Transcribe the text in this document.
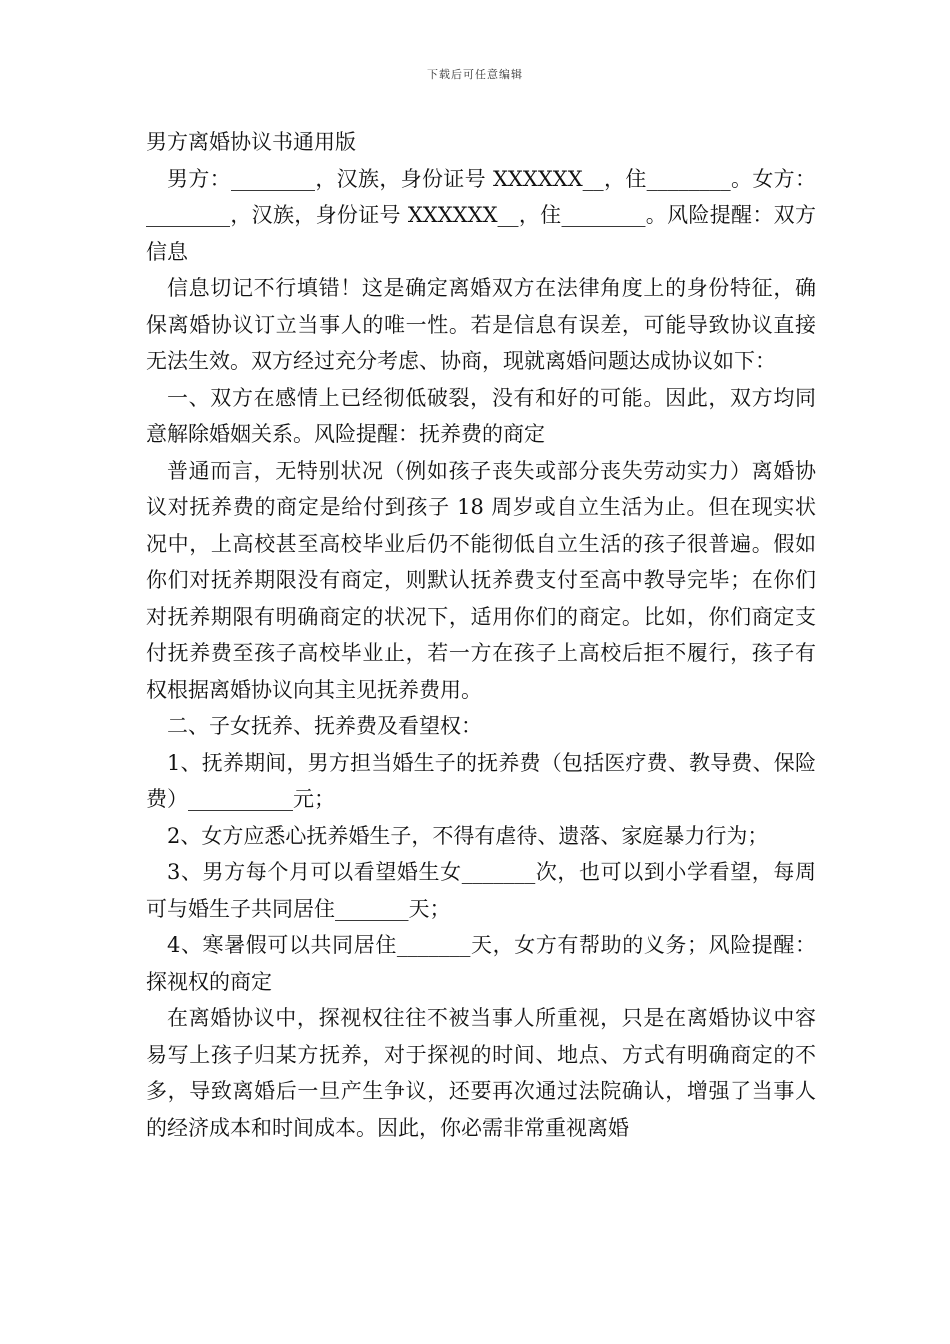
下载后可任意编辑

男方离婚协议书通用版

男方：________，汉族，身份证号 XXXXXX__，住________。女方：________，汉族，身份证号 XXXXXX__，住________。风险提醒：双方信息

信息切记不行填错！这是确定离婚双方在法律角度上的身份特征，确保离婚协议订立当事人的唯一性。若是信息有误差，可能导致协议直接无法生效。双方经过充分考虑、协商，现就离婚问题达成协议如下：

一、双方在感情上已经彻低破裂，没有和好的可能。因此，双方均同意解除婚姻关系。风险提醒：抚养费的商定

普通而言，无特别状况（例如孩子丧失或部分丧失劳动实力）离婚协议对抚养费的商定是给付到孩子 18 周岁或自立生活为止。但在现实状况中，上高校甚至高校毕业后仍不能彻低自立生活的孩子很普遍。假如你们对抚养期限没有商定，则默认抚养费支付至高中教导完毕；在你们对抚养期限有明确商定的状况下，适用你们的商定。比如，你们商定支付抚养费至孩子高校毕业止，若一方在孩子上高校后拒不履行，孩子有权根据离婚协议向其主见抚养费用。

二、子女抚养、抚养费及看望权：

1、抚养期间，男方担当婚生子的抚养费（包括医疗费、教导费、保险费）__________元；

2、女方应悉心抚养婚生子，不得有虐待、遗落、家庭暴力行为；

3、男方每个月可以看望婚生女_______次，也可以到小学看望，每周可与婚生子共同居住_______天；

4、寒暑假可以共同居住_______天，女方有帮助的义务；风险提醒：探视权的商定

在离婚协议中，探视权往往不被当事人所重视，只是在离婚协议中容易写上孩子归某方抚养，对于探视的时间、地点、方式有明确商定的不多，导致离婚后一旦产生争议，还要再次通过法院确认，增强了当事人的经济成本和时间成本。因此，你必需非常重视离婚
